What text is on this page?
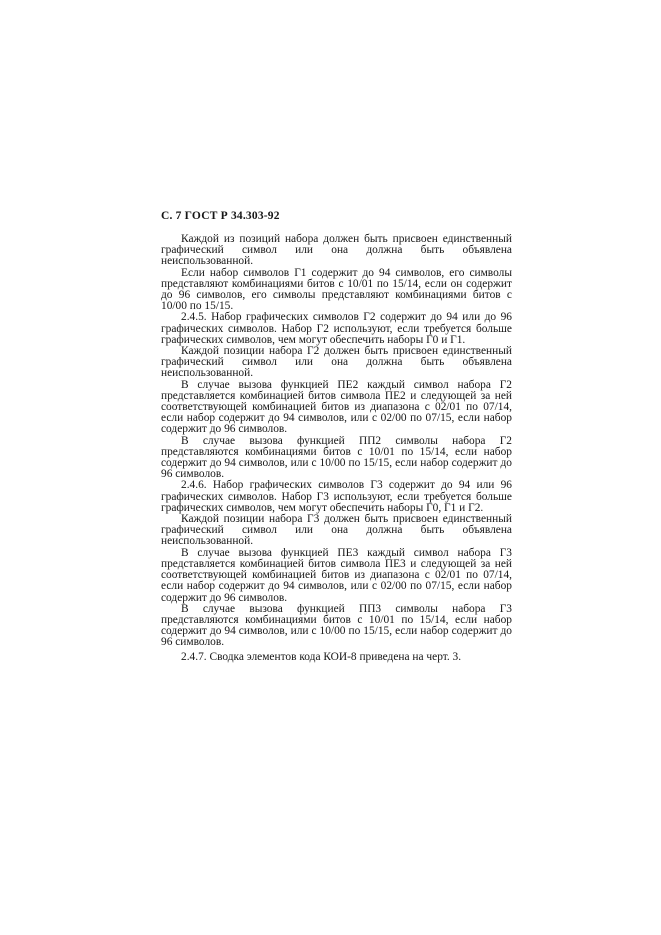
С. 7 ГОСТ Р 34.303-92

Каждой из позиций набора должен быть присвоен единственный графический символ или она должна быть объявлена неиспользованной.

Если набор символов Г1 содержит до 94 символов, его символы представляют комбинациями битов с 10/01 по 15/14, если он содержит до 96 символов, его символы представляют комбинациями битов с 10/00 по 15/15.

2.4.5. Набор графических символов Г2 содержит до 94 или до 96 графических символов. Набор Г2 используют, если требуется больше графических символов, чем могут обеспечить наборы Г0 и Г1.

Каждой позиции набора Г2 должен быть присвоен единственный графический символ или она должна быть объявлена неиспользованной.

В случае вызова функцией ПЕ2 каждый символ набора Г2 представляется комбинацией битов символа ПЕ2 и следующей за ней соответствующей комбинацией битов из диапазона с 02/01 по 07/14, если набор содержит до 94 символов, или с 02/00 по 07/15, если набор содержит до 96 символов.

В случае вызова функцией ПП2 символы набора Г2 представляются комбинациями битов с 10/01 по 15/14, если набор содержит до 94 символов, или с 10/00 по 15/15, если набор содержит до 96 символов.

2.4.6. Набор графических символов Г3 содержит до 94 или 96 графических символов. Набор Г3 используют, если требуется больше графических символов, чем могут обеспечить наборы Г0, Г1 и Г2.

Каждой позиции набора Г3 должен быть присвоен единственный графический символ или она должна быть объявлена неиспользованной.

В случае вызова функцией ПЕ3 каждый символ набора Г3 представляется комбинацией битов символа ПЕ3 и следующей за ней соответствующей комбинацией битов из диапазона с 02/01 по 07/14, если набор содержит до 94 символов, или с 02/00 по 07/15, если набор содержит до 96 символов.

В случае вызова функцией ПП3 символы набора Г3 представляются комбинациями битов с 10/01 по 15/14, если набор содержит до 94 символов, или с 10/00 по 15/15, если набор содержит до 96 символов.

2.4.7. Сводка элементов кода КОИ-8 приведена на черт. 3.
